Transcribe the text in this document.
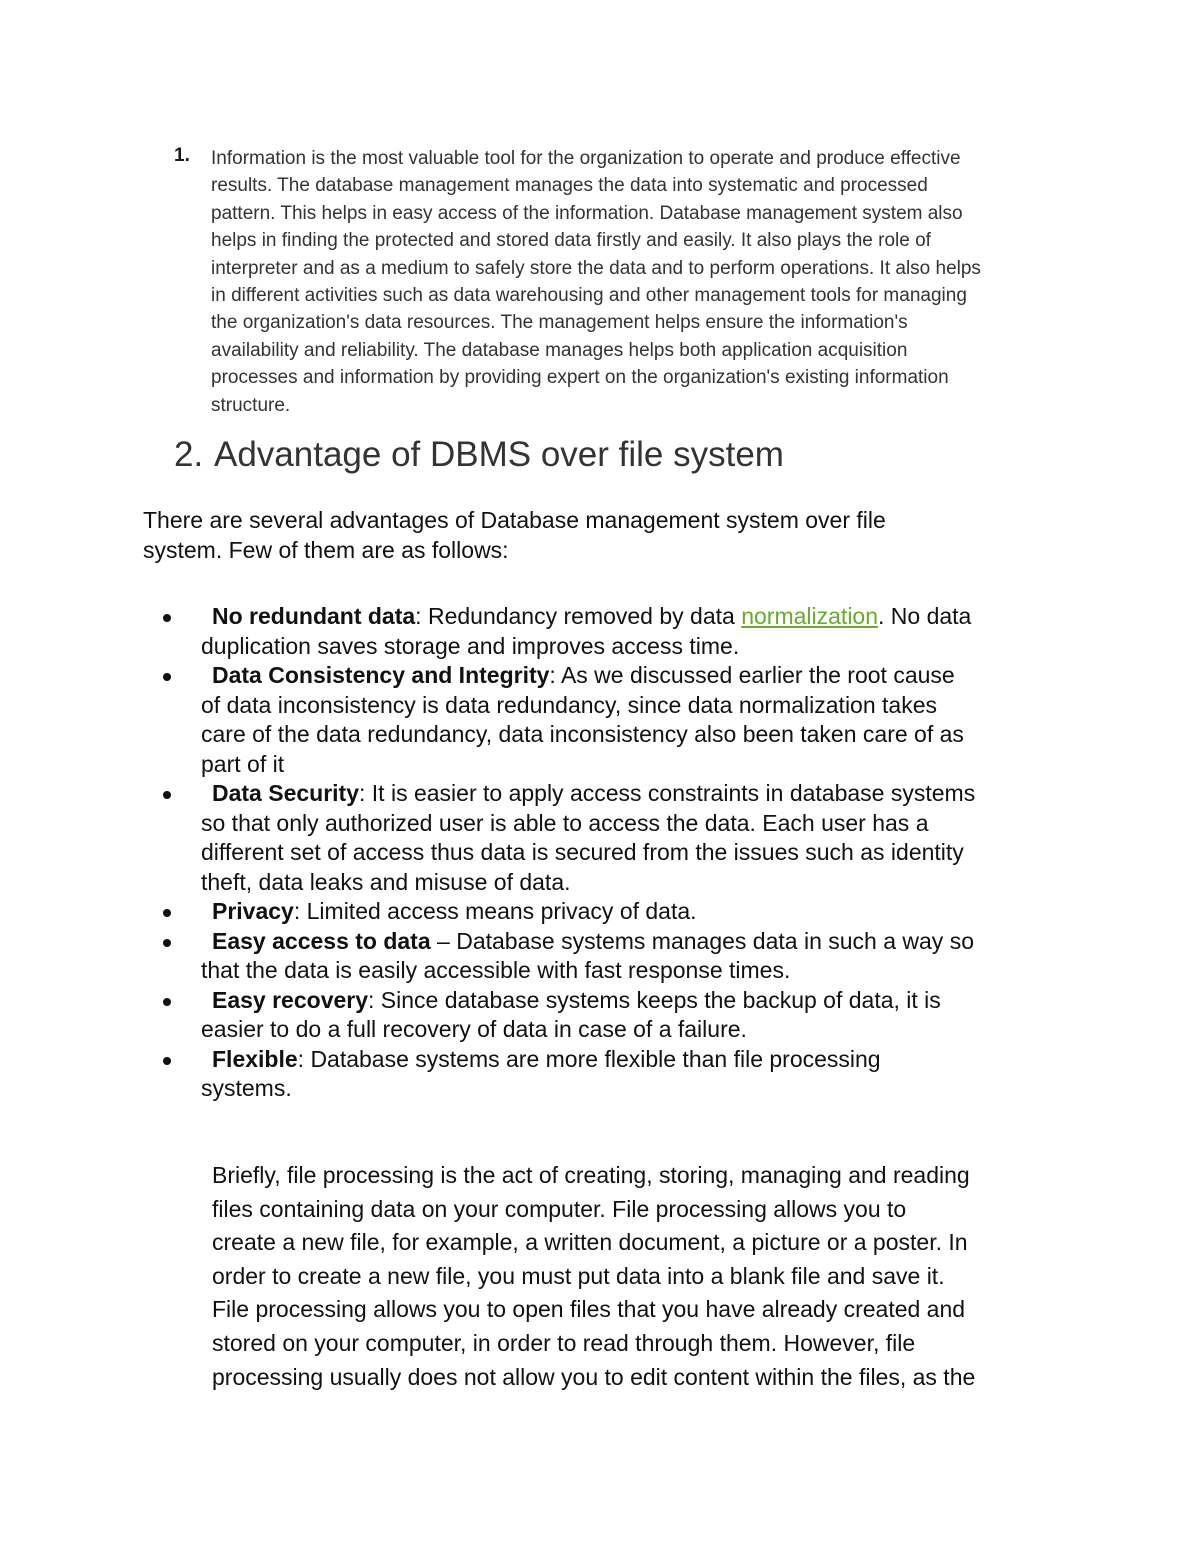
1. Information is the most valuable tool for the organization to operate and produce effective
results. The database management manages the data into systematic and processed
pattern. This helps in easy access of the information. Database management system also
helps in finding the protected and stored data firstly and easily. It also plays the role of
interpreter and as a medium to safely store the data and to perform operations. It also helps
in different activities such as data warehousing and other management tools for managing
the organization's data resources. The management helps ensure the information's
availability and reliability. The database manages helps both application acquisition
processes and information by providing expert on the organization's existing information
structure.
2. Advantage of DBMS over file system
There are several advantages of Database management system over file
system. Few of them are as follows:
No redundant data: Redundancy removed by data normalization. No data
duplication saves storage and improves access time.
Data Consistency and Integrity: As we discussed earlier the root cause
of data inconsistency is data redundancy, since data normalization takes
care of the data redundancy, data inconsistency also been taken care of as
part of it
Data Security: It is easier to apply access constraints in database systems
so that only authorized user is able to access the data. Each user has a
different set of access thus data is secured from the issues such as identity
theft, data leaks and misuse of data.
Privacy: Limited access means privacy of data.
Easy access to data – Database systems manages data in such a way so
that the data is easily accessible with fast response times.
Easy recovery: Since database systems keeps the backup of data, it is
easier to do a full recovery of data in case of a failure.
Flexible: Database systems are more flexible than file processing
systems.
Briefly, file processing is the act of creating, storing, managing and reading
files containing data on your computer. File processing allows you to
create a new file, for example, a written document, a picture or a poster. In
order to create a new file, you must put data into a blank file and save it.
File processing allows you to open files that you have already created and
stored on your computer, in order to read through them. However, file
processing usually does not allow you to edit content within the files, as the
